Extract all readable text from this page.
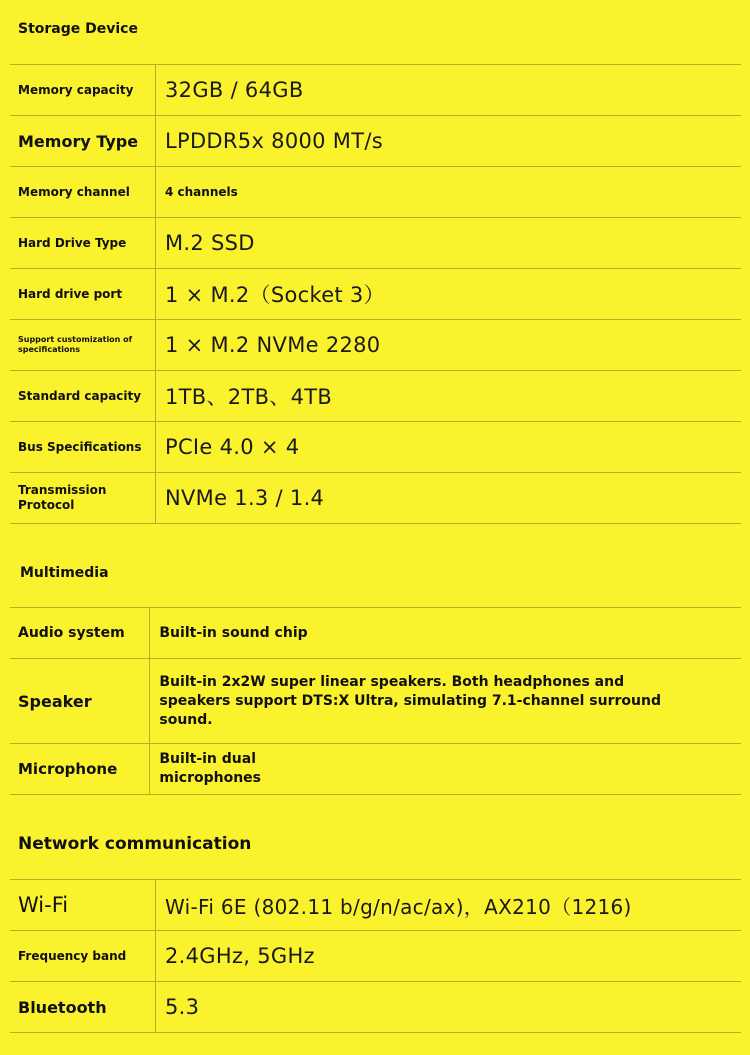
Storage Device
Memory capacity	32GB / 64GB
Memory Type	LPDDR5x 8000 MT/s
Memory channel	4 channels
Hard Drive Type	M.2 SSD
Hard drive port	1 × M.2（Socket 3）
Support customization of specifications	1 × M.2 NVMe 2280
Standard capacity	1TB、2TB、4TB
Bus Specifications	PCIe 4.0 × 4
Transmission Protocol	NVMe 1.3 / 1.4
Multimedia
Audio system	Built-in sound chip
Speaker	Built-in 2x2W super linear speakers. Both headphones and speakers support DTS:X Ultra, simulating 7.1-channel surround sound.
Microphone	Built-in dual microphones
Network communication
Wi-Fi	Wi-Fi 6E (802.11 b/g/n/ac/ax)，AX210（1216)
Frequency band	2.4GHz, 5GHz
Bluetooth	5.3
